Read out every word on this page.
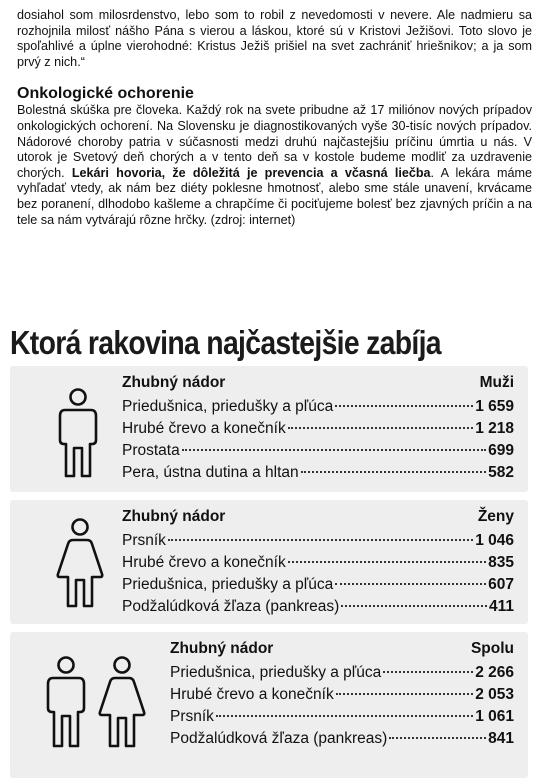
dosiahol som milosrdenstvo, lebo som to robil z nevedomosti v nevere. Ale nadmieru sa rozhojnila milosť nášho Pána s vierou a láskou, ktoré sú v Kristovi Ježišovi. Toto slovo je spoľahlivé a úplne vierohodné: Kristus Ježiš prišiel na svet zachrániť hriešnikov; a ja som prvý z nich.“

Onkologické ochorenie

Bolestná skúška pre človeka. Každý rok na svete pribudne až 17 miliónov nových prípadov onkologických ochorení. Na Slovensku je diagnostikovaných vyše 30-tisíc nových prípadov. Nádorové choroby patria v súčasnosti medzi druhú najčastejšiu príčinu úmrtia u nás. V utorok je Svetový deň chorých a v tento deň sa v kostole budeme modliť za uzdravenie chorých. Lekári hovoria, že dôležitá je prevencia a včasná liečba. A lekára máme vyhľadať vtedy, ak nám bez diéty poklesne hmotnosť, alebo sme stále unavení, krvácame bez poranení, dlhodobo kašleme a chrapčíme či pociťujeme bolesť bez zjavných príčin a na tele sa nám vytvárajú rôzne hrčky. (zdroj: internet)

Ktorá rakovina najčastejšie zabíja
Zhubný nádor	Muži
Priedušnica, priedušky a pľúca	1 659
Hrubé črevo a konečník	1 218
Prostata	699
Pera, ústna dutina a hltan	582
Zhubný nádor	Ženy
Prsník	1 046
Hrubé črevo a konečník	835
Priedušnica, priedušky a pľúca	607
Podžalúdková žľaza (pankreas)	411
Zhubný nádor	Spolu
Priedušnica, priedušky a pľúca	2 266
Hrubé črevo a konečník	2 053
Prsník	1 061
Podžalúdková žľaza (pankreas)	841
